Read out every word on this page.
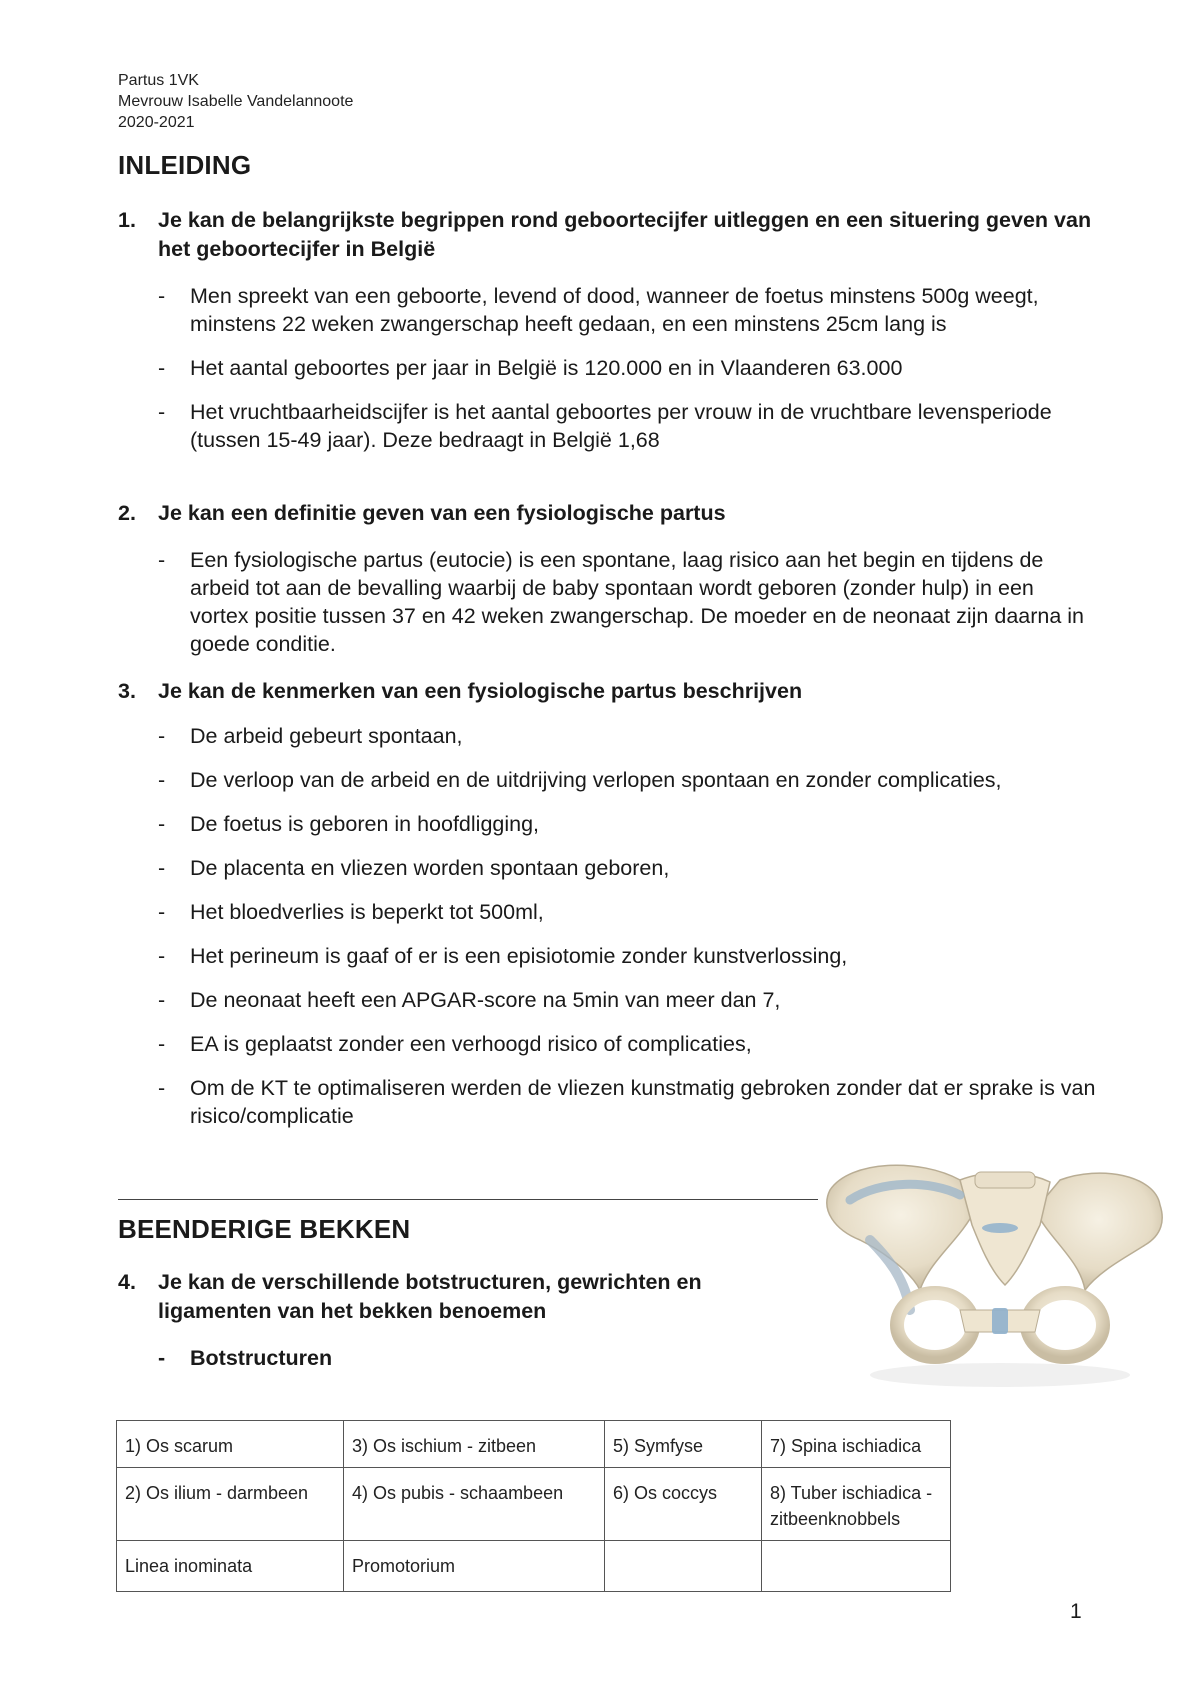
Partus 1VK
Mevrouw Isabelle Vandelannoote
2020-2021
INLEIDING
1. Je kan de belangrijkste begrippen rond geboortecijfer uitleggen en een situering geven van het geboortecijfer in België
- Men spreekt van een geboorte, levend of dood, wanneer de foetus minstens 500g weegt, minstens 22 weken zwangerschap heeft gedaan, en een minstens 25cm lang is
- Het aantal geboortes per jaar in België is 120.000 en in Vlaanderen 63.000
- Het vruchtbaarheidscijfer is het aantal geboortes per vrouw in de vruchtbare levensperiode (tussen 15-49 jaar). Deze bedraagt in België 1,68
2. Je kan een definitie geven van een fysiologische partus
- Een fysiologische partus (eutocie) is een spontane, laag risico aan het begin en tijdens de arbeid tot aan de bevalling waarbij de baby spontaan wordt geboren (zonder hulp) in een vortex positie tussen 37 en 42 weken zwangerschap. De moeder en de neonaat zijn daarna in goede conditie.
3. Je kan de kenmerken van een fysiologische partus beschrijven
- De arbeid gebeurt spontaan,
- De verloop van de arbeid en de uitdrijving verlopen spontaan en zonder complicaties,
- De foetus is geboren in hoofdligging,
- De placenta en vliezen worden spontaan geboren,
- Het bloedverlies is beperkt tot 500ml,
- Het perineum is gaaf of er is een episiotomie zonder kunstverlossing,
- De neonaat heeft een APGAR-score na 5min van meer dan 7,
- EA is geplaatst zonder een verhoogd risico of complicaties,
- Om de KT te optimaliseren werden de vliezen kunstmatig gebroken zonder dat er sprake is van risico/complicatie
BEENDERIGE BEKKEN
4. Je kan de verschillende botstructuren, gewrichten en ligamenten van het bekken benoemen
- Botstructuren
1) Os scarum	3) Os ischium - zitbeen	5) Symfyse	7) Spina ischiadica
2) Os ilium - darmbeen	4) Os pubis - schaambeen	6) Os coccys	8) Tuber ischiadica - zitbeenknobbels
Linea inominata	Promotorium		
1
